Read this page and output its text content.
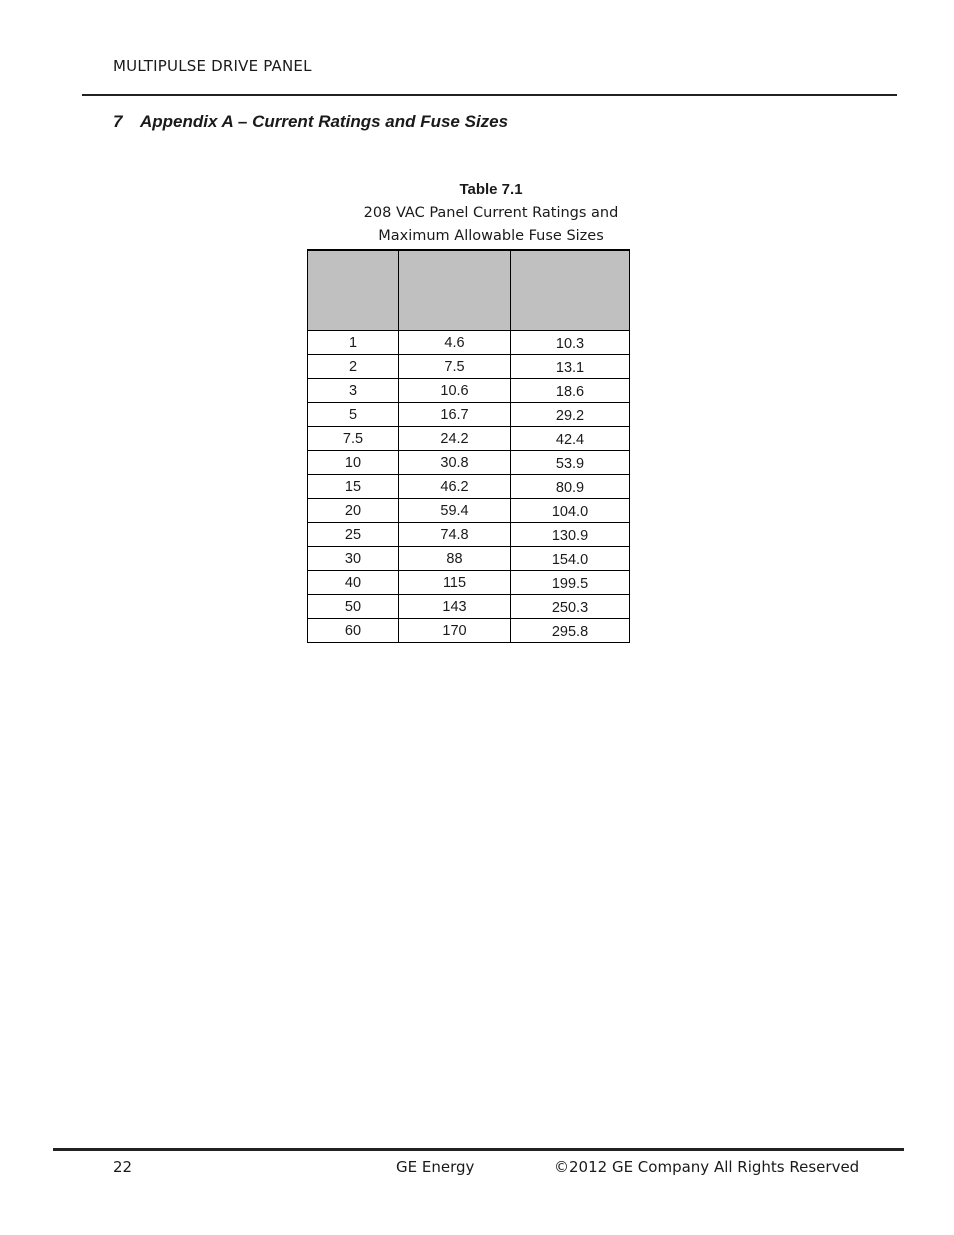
MULTIPULSE DRIVE PANEL
7 Appendix A – Current Ratings and Fuse Sizes
Table 7.1
208 VAC Panel Current Ratings and
Maximum Allowable Fuse Sizes

1	4.6	10.3
2	7.5	13.1
3	10.6	18.6
5	16.7	29.2
7.5	24.2	42.4
10	30.8	53.9
15	46.2	80.9
20	59.4	104.0
25	74.8	130.9
30	88	154.0
40	115	199.5
50	143	250.3
60	170	295.8
22	GE Energy	©2012 GE Company All Rights Reserved
